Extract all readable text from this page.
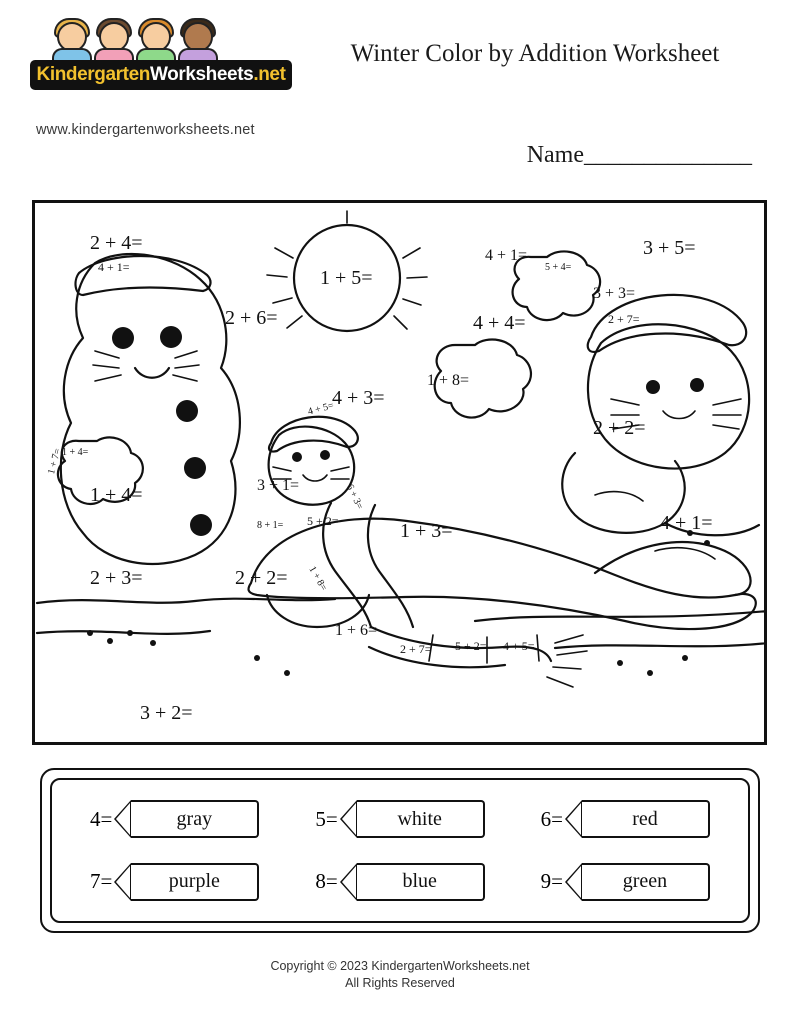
KindergartenWorksheets.net
www.kindergartenworksheets.net
Winter Color by Addition Worksheet
Name______________
2 + 4=
4 + 1=
2 + 6=
1 + 5=
4 + 1=
5 + 4=
3 + 5=
3 + 3=
2 + 7=
4 + 4=
1 + 8=
4 + 3=
4 + 5=
2 + 2=
1 + 4=
1 + 7=
1 + 4=	3 + 1=	6 + 3=
8 + 1= 5 + 2=	1 + 3=	4 + 1=
2 + 3=	2 + 2= 1 + 8=
1 + 6=
2 + 7= 5 + 2= 4 + 5=
3 + 2=
4=	gray	5=	white	6=	red
7=	purple	8=	blue	9=	green
Copyright © 2023 KindergartenWorksheets.net
All Rights Reserved
